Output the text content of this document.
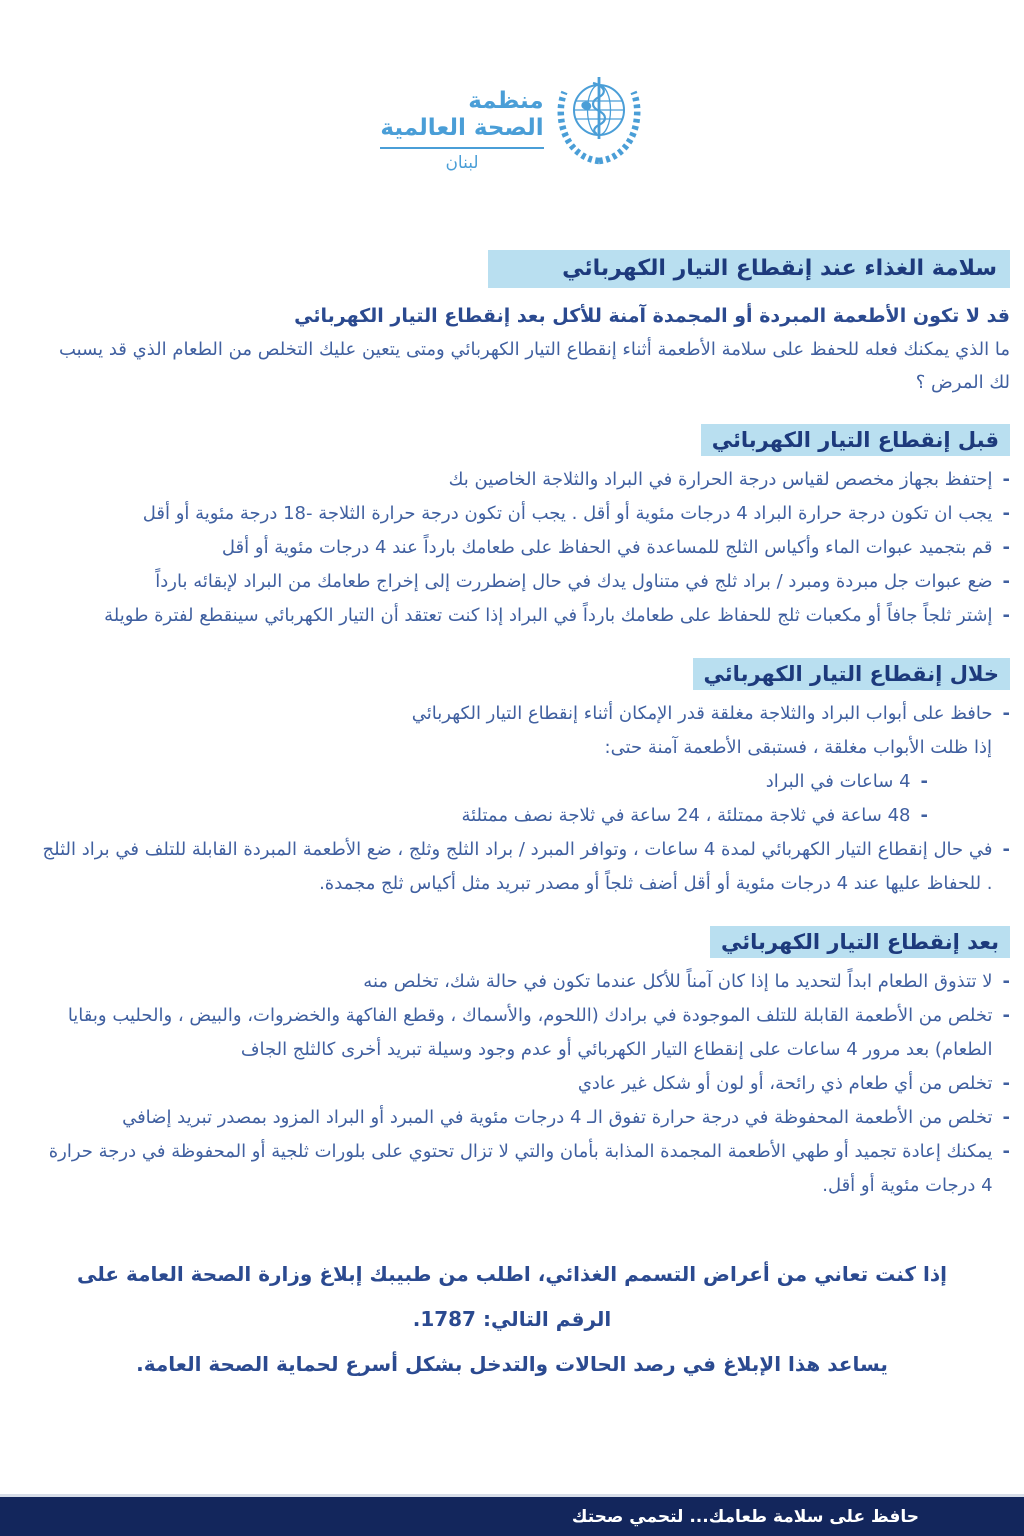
منظمة
الصحة العالمية
لبنان
سلامة الغذاء عند إنقطاع التيار الكهربائي
قد لا تكون الأطعمة المبردة أو المجمدة آمنة للأكل بعد إنقطاع التيار الكهربائي
ما الذي يمكنك فعله للحفظ على سلامة الأطعمة أثناء إنقطاع التيار الكهربائي ومتى يتعين عليك التخلص من الطعام الذي قد يسبب لك المرض ؟
قبل إنقطاع التيار الكهربائي
-
إحتفظ بجهاز مخصص لقياس درجة الحرارة في البراد والثلاجة الخاصين بك
-
يجب ان تكون درجة حرارة البراد 4 درجات مئوية أو أقل . يجب أن تكون درجة حرارة الثلاجة -18 درجة مئوية أو أقل
-
قم بتجميد عبوات الماء وأكياس الثلج للمساعدة في الحفاظ على طعامك بارداً عند 4 درجات مئوية أو أقل
-
ضع عبوات جل مبردة ومبرد / براد ثلج في متناول يدك في حال إضطررت إلى إخراج طعامك من البراد لإبقائه بارداً
-
إشتر ثلجاً جافاً أو مكعبات ثلج للحفاظ على طعامك بارداً في البراد إذا كنت تعتقد أن التيار الكهربائي سينقطع لفترة طويلة
خلال إنقطاع التيار الكهربائي
-
حافظ على أبواب البراد والثلاجة مغلقة قدر الإمكان أثناء إنقطاع التيار الكهربائي
إذا ظلت الأبواب مغلقة ، فستبقى الأطعمة آمنة حتى:
-
4 ساعات في البراد
-
48 ساعة في ثلاجة ممتلئة ، 24 ساعة في ثلاجة نصف ممتلئة
-
في حال إنقطاع التيار الكهربائي لمدة 4 ساعات ، وتوافر المبرد / براد الثلج وثلج ، ضع الأطعمة المبردة القابلة للتلف في براد الثلج . للحفاظ عليها عند 4 درجات مئوية أو أقل أضف ثلجاً أو مصدر تبريد مثل أكياس ثلج مجمدة.
بعد إنقطاع التيار الكهربائي
-
لا تتذوق الطعام ابداً لتحديد ما إذا كان آمناً للأكل عندما تكون في حالة شك، تخلص منه
-
تخلص من الأطعمة القابلة للتلف الموجودة في برادك (اللحوم، والأسماك ، وقطع الفاكهة والخضروات، والبيض ، والحليب وبقايا الطعام) بعد مرور 4 ساعات على إنقطاع التيار الكهربائي أو عدم وجود وسيلة تبريد أخرى كالثلج الجاف
-
تخلص من أي طعام ذي رائحة، أو لون أو شكل غير عادي
-
تخلص من الأطعمة المحفوظة في درجة حرارة تفوق الـ 4 درجات مئوية في المبرد أو البراد المزود بمصدر تبريد إضافي
-
يمكنك إعادة تجميد أو طهي الأطعمة المجمدة المذابة بأمان والتي لا تزال تحتوي على بلورات ثلجية أو المحفوظة في درجة حرارة 4 درجات مئوية أو أقل.
إذا كنت تعاني من أعراض التسمم الغذائي، اطلب من طبيبك إبلاغ وزارة الصحة العامة على الرقم التالي: 1787.
يساعد هذا الإبلاغ في رصد الحالات والتدخل بشكل أسرع لحماية الصحة العامة.
حافظ على سلامة طعامك... لتحمي صحتك
